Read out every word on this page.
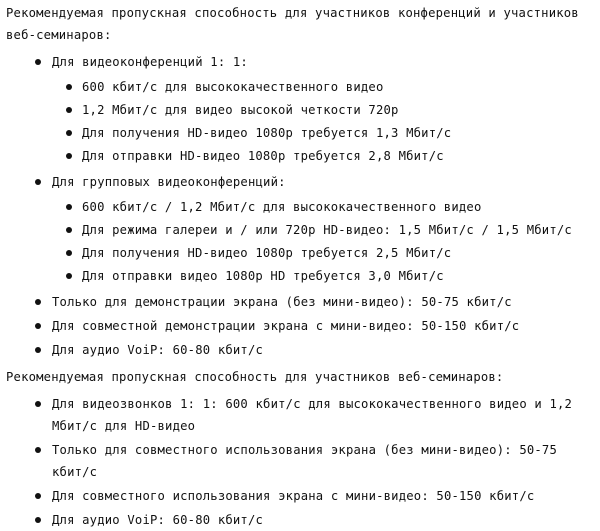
Рекомендуемая пропускная способность для участников конференций и участников веб-семинаров:

Для видеоконференций 1: 1:
600 кбит/с для высококачественного видео
1,2 Мбит/с для видео высокой четкости 720p
Для получения HD-видео 1080p требуется 1,3 Мбит/с
Для отправки HD-видео 1080p требуется 2,8 Мбит/с
Для групповых видеоконференций:
600 кбит/с / 1,2 Мбит/с для высококачественного видео
Для режима галереи и / или 720p HD-видео: 1,5 Мбит/с / 1,5 Мбит/с
Для получения HD-видео 1080p требуется 2,5 Мбит/с
Для отправки видео 1080p HD требуется 3,0 Мбит/с
Только для демонстрации экрана (без мини-видео): 50-75 кбит/с
Для совместной демонстрации экрана с мини-видео: 50-150 кбит/с
Для аудио VoiP: 60-80 кбит/с

Рекомендуемая пропускная способность для участников веб-семинаров:

Для видеозвонков 1: 1: 600 кбит/с для высококачественного видео и 1,2 Мбит/с для HD-видео
Только для совместного использования экрана (без мини-видео): 50-75 кбит/с
Для совместного использования экрана с мини-видео: 50-150 кбит/с
Для аудио VoiP: 60-80 кбит/с
